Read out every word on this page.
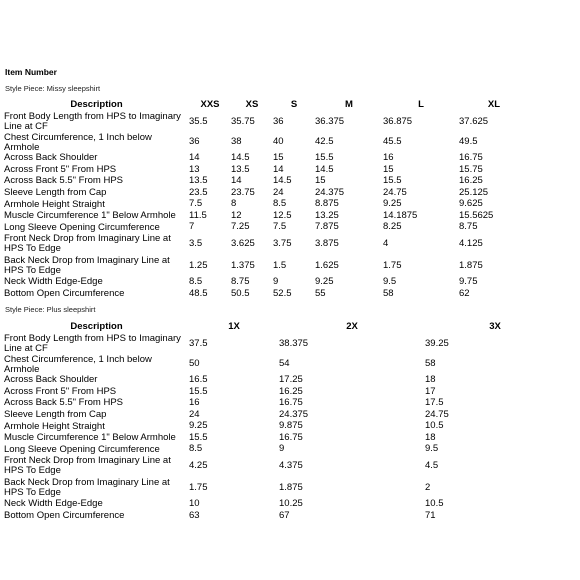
Item Number
Style Piece: Missy sleepshirt
Description	XXS	XS	S	M	L	XL

Front Body Length from HPS to Imaginary Line at CF	35.5	35.75	36	36.375	36.875	37.625

Chest Circumference, 1 Inch below Armhole	36	38	40	42.5	45.5	49.5

Across Back Shoulder	14	14.5	15	15.5	16	16.75

Across Front 5" From HPS	13	13.5	14	14.5	15	15.75

Across Back 5.5" From HPS	13.5	14	14.5	15	15.5	16.25

Sleeve Length from Cap	23.5	23.75	24	24.375	24.75	25.125

Armhole Height Straight	7.5	8	8.5	8.875	9.25	9.625

Muscle Circumference 1" Below Armhole	11.5	12	12.5	13.25	14.1875	15.5625

Long Sleeve Opening Circumference	7	7.25	7.5	7.875	8.25	8.75

Front Neck Drop from Imaginary Line at HPS To Edge	3.5	3.625	3.75	3.875	4	4.125

Back Neck Drop from Imaginary Line at HPS To Edge	1.25	1.375	1.5	1.625	1.75	1.875

Neck Width Edge-Edge	8.5	8.75	9	9.25	9.5	9.75

Bottom Open Circumference	48.5	50.5	52.5	55	58	62
Style Piece: Plus sleepshirt
Description	1X	2X	3X

Front Body Length from HPS to Imaginary Line at CF	37.5	38.375	39.25

Chest Circumference, 1 Inch below Armhole	50	54	58

Across Back Shoulder	16.5	17.25	18

Across Front 5" From HPS	15.5	16.25	17

Across Back 5.5" From HPS	16	16.75	17.5

Sleeve Length from Cap	24	24.375	24.75

Armhole Height Straight	9.25	9.875	10.5

Muscle Circumference 1" Below Armhole	15.5	16.75	18

Long Sleeve Opening Circumference	8.5	9	9.5

Front Neck Drop from Imaginary Line at HPS To Edge	4.25	4.375	4.5

Back Neck Drop from Imaginary Line at HPS To Edge	1.75	1.875	2

Neck Width Edge-Edge	10	10.25	10.5

Bottom Open Circumference	63	67	71
